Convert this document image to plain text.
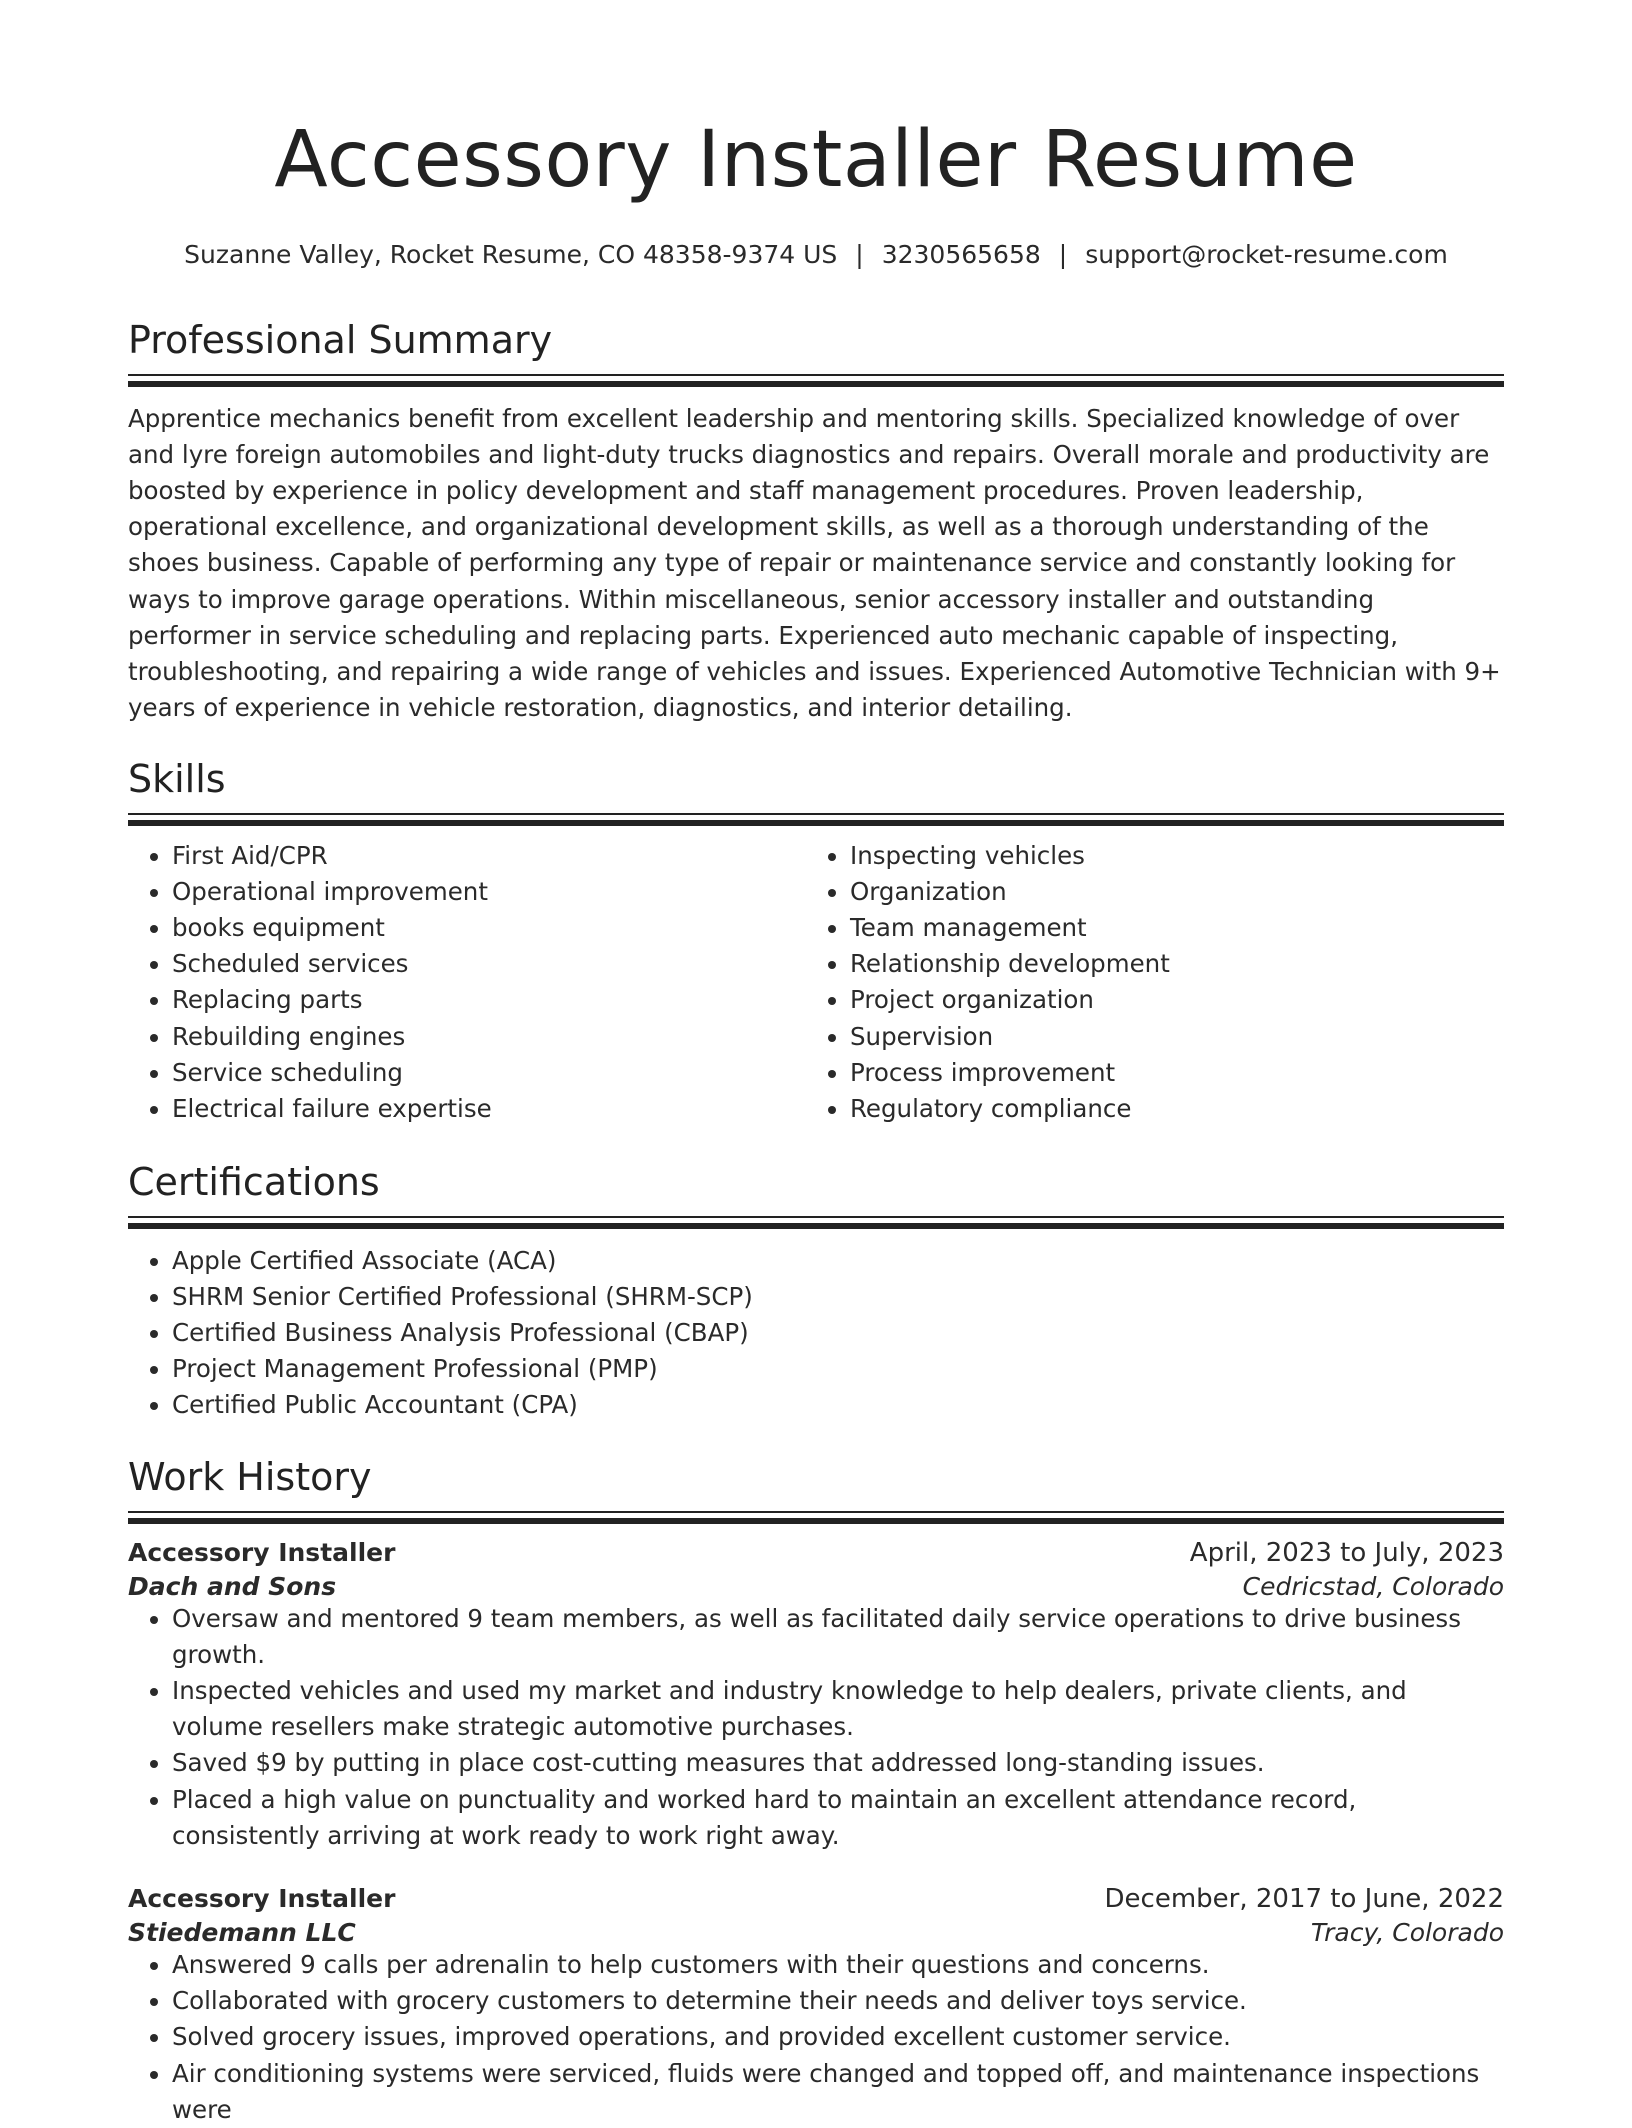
Accessory Installer Resume
Suzanne Valley, Rocket Resume, CO 48358-9374 US | 3230565658 | support@rocket-resume.com
Professional Summary

Apprentice mechanics benefit from excellent leadership and mentoring skills. Specialized knowledge of over and lyre foreign automobiles and light-duty trucks diagnostics and repairs. Overall morale and productivity are boosted by experience in policy development and staff management procedures. Proven leadership, operational excellence, and organizational development skills, as well as a thorough understanding of the shoes business. Capable of performing any type of repair or maintenance service and constantly looking for ways to improve garage operations. Within miscellaneous, senior accessory installer and outstanding performer in service scheduling and replacing parts. Experienced auto mechanic capable of inspecting, troubleshooting, and repairing a wide range of vehicles and issues. Experienced Automotive Technician with 9+ years of experience in vehicle restoration, diagnostics, and interior detailing.

Skills
• First Aid/CPR
• Operational improvement
• books equipment
• Scheduled services
• Replacing parts
• Rebuilding engines
• Service scheduling
• Electrical failure expertise
• Inspecting vehicles
• Organization
• Team management
• Relationship development
• Project organization
• Supervision
• Process improvement
• Regulatory compliance
Certifications
• Apple Certified Associate (ACA)
• SHRM Senior Certified Professional (SHRM-SCP)
• Certified Business Analysis Professional (CBAP)
• Project Management Professional (PMP)
• Certified Public Accountant (CPA)
Work History
Accessory Installer	April, 2023 to July, 2023
Dach and Sons	Cedricstad, Colorado
• Oversaw and mentored 9 team members, as well as facilitated daily service operations to drive business growth.
• Inspected vehicles and used my market and industry knowledge to help dealers, private clients, and volume resellers make strategic automotive purchases.
• Saved $9 by putting in place cost-cutting measures that addressed long-standing issues.
• Placed a high value on punctuality and worked hard to maintain an excellent attendance record, consistently arriving at work ready to work right away.
Accessory Installer	December, 2017 to June, 2022
Stiedemann LLC	Tracy, Colorado
• Answered 9 calls per adrenalin to help customers with their questions and concerns.
• Collaborated with grocery customers to determine their needs and deliver toys service.
• Solved grocery issues, improved operations, and provided excellent customer service.
• Air conditioning systems were serviced, fluids were changed and topped off, and maintenance inspections were
